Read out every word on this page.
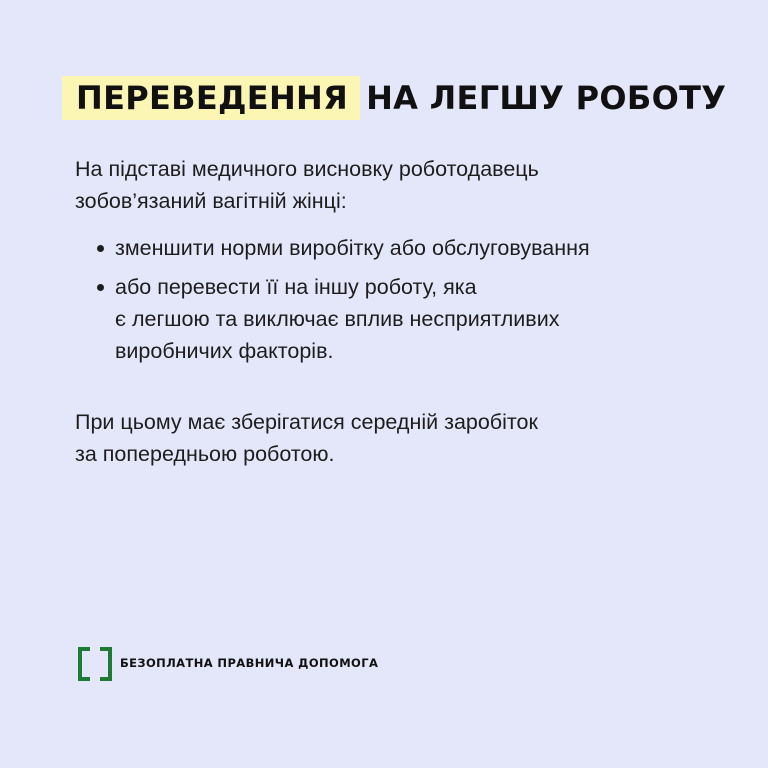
ПЕРЕВЕДЕННЯ НА ЛЕГШУ РОБОТУ

На підставі медичного висновку роботодавець
зобов’язаний вагітній жінці:

зменшити норми виробітку або обслуговування
або перевести її на іншу роботу, яка
є легшою та виключає вплив несприятливих
виробничих факторів.

При цьому має зберігатися середній заробіток
за попередньою роботою.

БЕЗОПЛАТНА ПРАВНИЧА ДОПОМОГА
